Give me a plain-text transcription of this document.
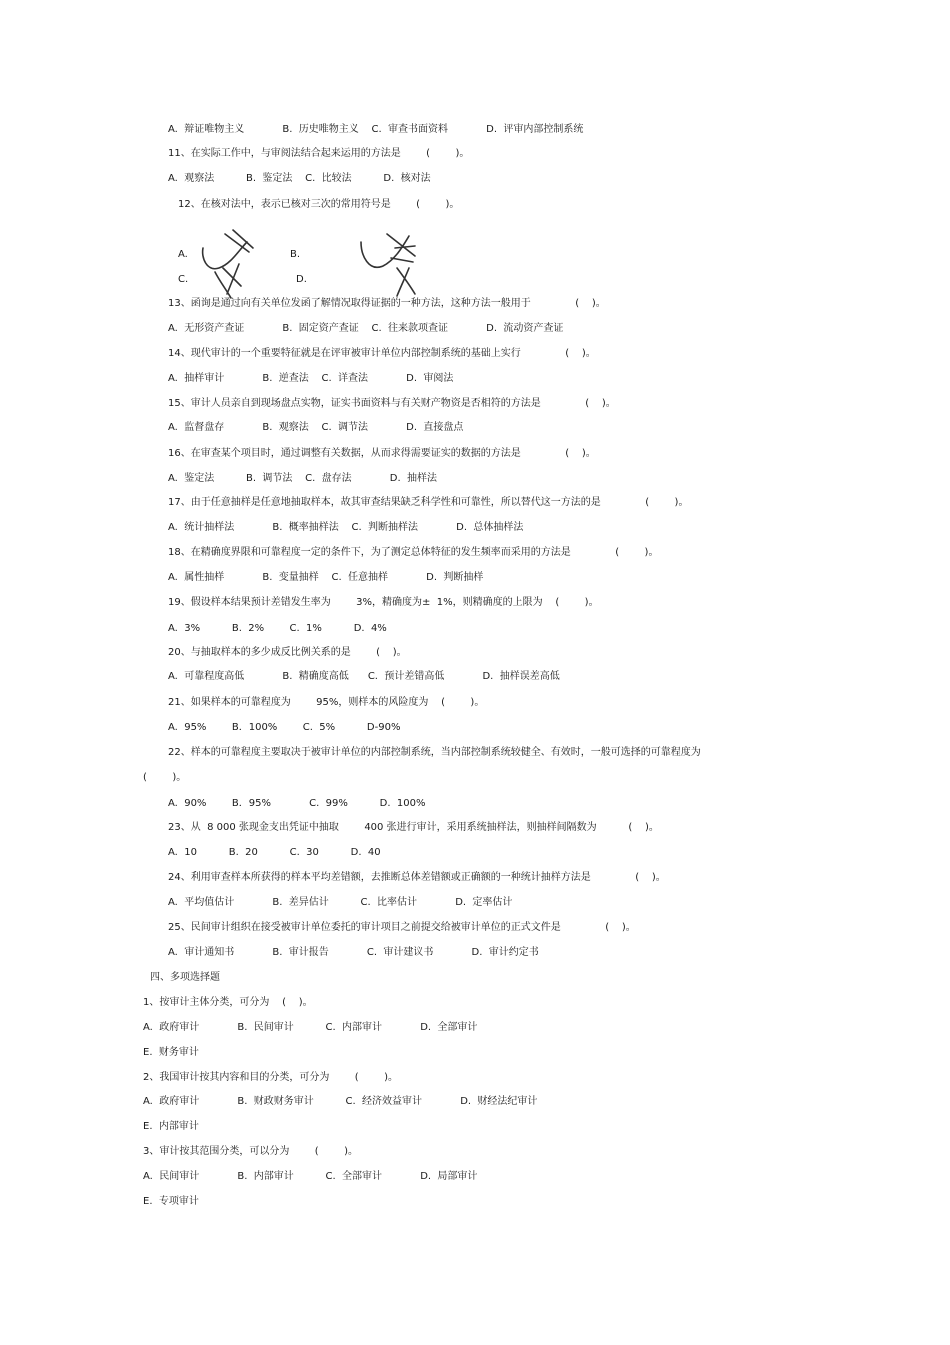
A.  辩证唯物主义            B.  历史唯物主义    C.  审查书面资料            D.  评审内部控制系统
11、在实际工作中，与审阅法结合起来运用的方法是        (        )。
A.  观察法          B.  鉴定法    C.  比较法          D.  核对法
12、在核对法中，表示已核对三次的常用符号是        (        )。
A.	B.
C.	D.
13、函询是通过向有关单位发函了解情况取得证据的一种方法，这种方法一般用于              (    )。
A.  无形资产查证            B.  固定资产查证    C.  往来款项查证            D.  流动资产查证
14、现代审计的一个重要特征就是在评审被审计单位内部控制系统的基础上实行              (    )。
A.  抽样审计            B.  逆查法    C.  详查法            D.  审阅法
15、审计人员亲自到现场盘点实物，证实书面资料与有关财产物资是否相符的方法是              (    )。
A.  监督盘存            B.  观察法    C.  调节法            D.  直接盘点
16、在审查某个项目时，通过调整有关数据，从而求得需要证实的数据的方法是              (    )。
A.  鉴定法          B.  调节法    C.  盘存法            D.  抽样法
17、由于任意抽样是任意地抽取样本，故其审查结果缺乏科学性和可靠性，所以替代这一方法的是              (        )。
A.  统计抽样法            B.  概率抽样法    C.  判断抽样法            D.  总体抽样法
18、在精确度界限和可靠程度一定的条件下，为了测定总体特征的发生频率而采用的方法是              (        )。
A.  属性抽样            B.  变量抽样    C.  任意抽样            D.  判断抽样
19、假设样本结果预计差错发生率为        3%，精确度为±  1%，则精确度的上限为    (        )。
A.  3%          B.  2%        C.  1%          D.  4%
20、与抽取样本的多少成反比例关系的是        (    )。
A.  可靠程度高低            B.  精确度高低      C.  预计差错高低            D.  抽样误差高低
21、如果样本的可靠程度为        95%，则样本的风险度为    (        )。
A.  95%        B．100%        C.  5%          D-90%
22、样本的可靠程度主要取决于被审计单位的内部控制系统，当内部控制系统较健全、有效时，一般可选择的可靠程度为
(        )。
A.  90%        B．95%            C.  99%          D.  100%
23、从  8 000 张现金支出凭证中抽取        400 张进行审计，采用系统抽样法，则抽样间隔数为          (    )。
A.  10          B.  20          C.  30          D.  40
24、利用审查样本所获得的样本平均差错额，去推断总体差错额或正确额的一种统计抽样方法是              (    )。
A.  平均值估计            B.  差异估计          C.  比率估计            D.  定率估计
25、民间审计组织在接受被审计单位委托的审计项目之前提交给被审计单位的正式文件是              (    )。
A.  审计通知书            B.  审计报告            C.  审计建议书            D.  审计约定书
四、多项选择题
1、按审计主体分类，可分为    (    )。
A.  政府审计            B.  民间审计          C.  内部审计            D.  全部审计
E.  财务审计
2、我国审计按其内容和目的分类，可分为        (        )。
A.  政府审计            B.  财政财务审计          C.  经济效益审计            D.  财经法纪审计
E.  内部审计
3、审计按其范围分类，可以分为        (        )。
A.  民间审计            B.  内部审计          C.  全部审计            D.  局部审计
E.  专项审计
